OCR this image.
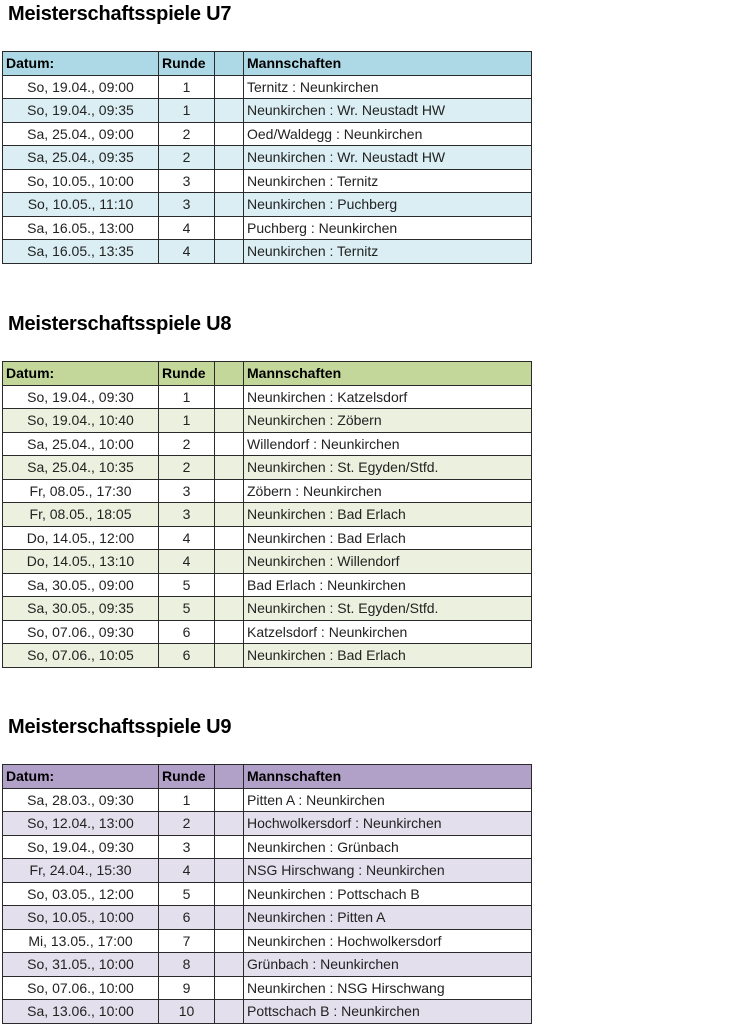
Meisterschaftsspiele U7
Datum:	Runde		Mannschaften
So, 19.04., 09:00	1		Ternitz : Neunkirchen
So, 19.04., 09:35	1		Neunkirchen : Wr. Neustadt HW
Sa, 25.04., 09:00	2		Oed/Waldegg : Neunkirchen
Sa, 25.04., 09:35	2		Neunkirchen : Wr. Neustadt HW
So, 10.05., 10:00	3		Neunkirchen : Ternitz
So, 10.05., 11:10	3		Neunkirchen : Puchberg
Sa, 16.05., 13:00	4		Puchberg : Neunkirchen
Sa, 16.05., 13:35	4		Neunkirchen : Ternitz
Meisterschaftsspiele U8
Datum:	Runde		Mannschaften
So, 19.04., 09:30	1		Neunkirchen : Katzelsdorf
So, 19.04., 10:40	1		Neunkirchen : Zöbern
Sa, 25.04., 10:00	2		Willendorf : Neunkirchen
Sa, 25.04., 10:35	2		Neunkirchen : St. Egyden/Stfd.
Fr, 08.05., 17:30	3		Zöbern : Neunkirchen
Fr, 08.05., 18:05	3		Neunkirchen : Bad Erlach
Do, 14.05., 12:00	4		Neunkirchen : Bad Erlach
Do, 14.05., 13:10	4		Neunkirchen : Willendorf
Sa, 30.05., 09:00	5		Bad Erlach : Neunkirchen
Sa, 30.05., 09:35	5		Neunkirchen : St. Egyden/Stfd.
So, 07.06., 09:30	6		Katzelsdorf : Neunkirchen
So, 07.06., 10:05	6		Neunkirchen : Bad Erlach
Meisterschaftsspiele U9
Datum:	Runde		Mannschaften
Sa, 28.03., 09:30	1		Pitten A : Neunkirchen
So, 12.04., 13:00	2		Hochwolkersdorf : Neunkirchen
So, 19.04., 09:30	3		Neunkirchen : Grünbach
Fr, 24.04., 15:30	4		NSG Hirschwang : Neunkirchen
So, 03.05., 12:00	5		Neunkirchen : Pottschach B
So, 10.05., 10:00	6		Neunkirchen : Pitten A
Mi, 13.05., 17:00	7		Neunkirchen : Hochwolkersdorf
So, 31.05., 10:00	8		Grünbach : Neunkirchen
So, 07.06., 10:00	9		Neunkirchen : NSG Hirschwang
Sa, 13.06., 10:00	10		Pottschach B : Neunkirchen
